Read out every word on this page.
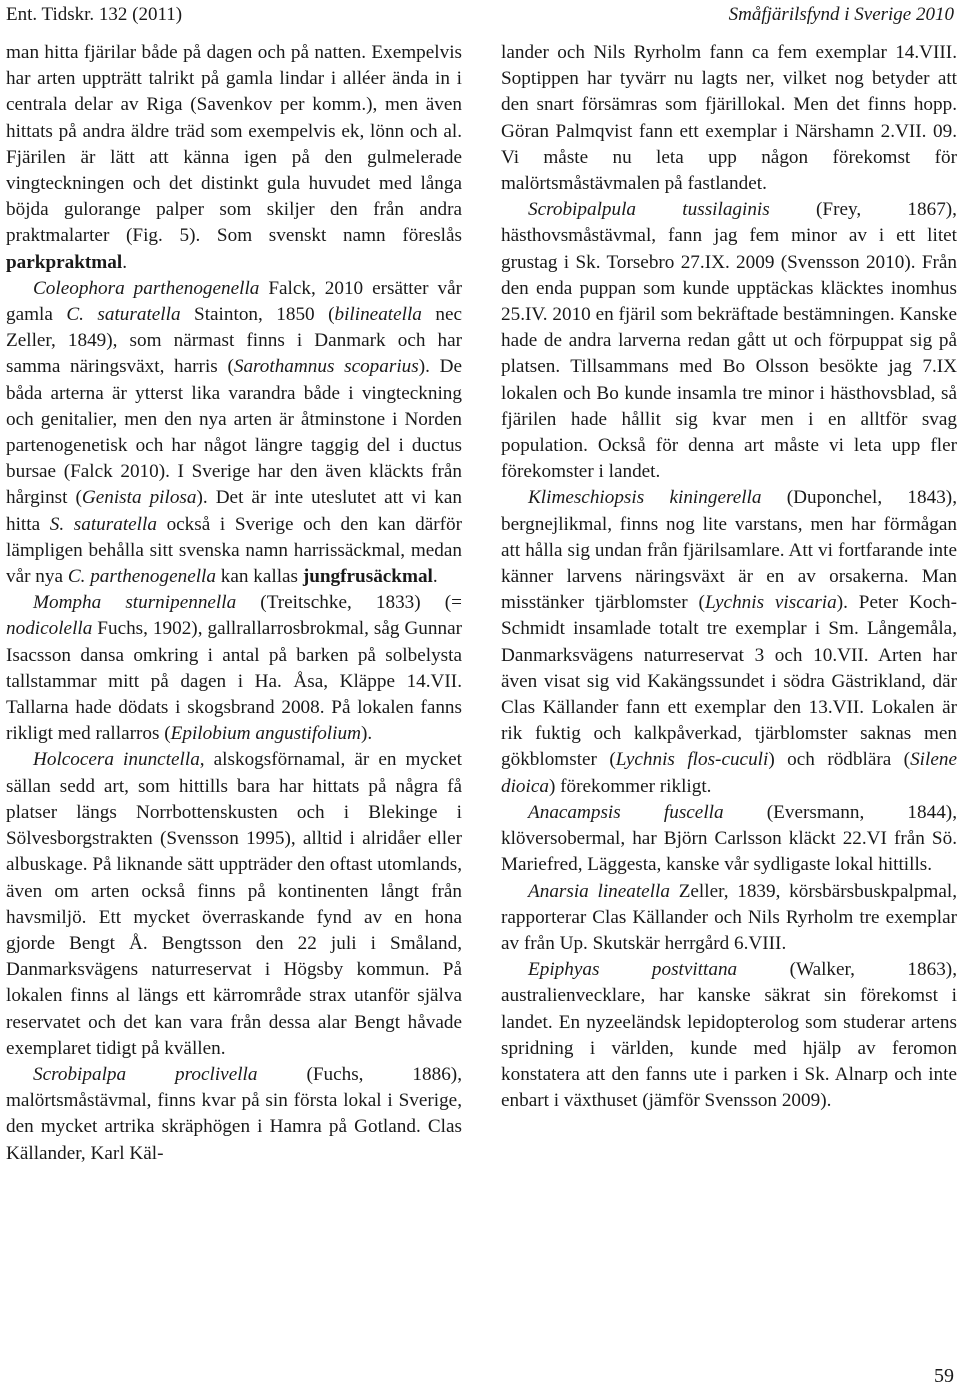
Ent. Tidskr. 132 (2011)	Småfjärilsfynd i Sverige 2010

man hitta fjärilar både på dagen och på natten. Exempelvis har arten uppträtt talrikt på gamla lindar i alléer ända in i centrala delar av Riga (Savenkov per komm.), men även hittats på andra äldre träd som exempelvis ek, lönn och al. Fjärilen är lätt att känna igen på den gulmelerade vingteckningen och det distinkt gula huvudet med långa böjda gulorange palper som skiljer den från andra praktmalarter (Fig. 5). Som svenskt namn föreslås parkpraktmal.

Coleophora parthenogenella Falck, 2010 ersätter vår gamla C. saturatella Stainton, 1850 (bilineatella nec Zeller, 1849), som närmast finns i Danmark och har samma näringsväxt, harris (Sarothamnus scoparius). De båda arterna är ytterst lika varandra både i vingteckning och genitalier, men den nya arten är åtminstone i Norden partenogenetisk och har något längre taggig del i ductus bursae (Falck 2010). I Sverige har den även kläckts från hårginst (Genista pilosa). Det är inte uteslutet att vi kan hitta S. saturatella också i Sverige och den kan därför lämpligen behålla sitt svenska namn harrissäckmal, medan vår nya C. parthenogenella kan kallas jungfrusäckmal.

Mompha sturnipennella (Treitschke, 1833) (= nodicolella Fuchs, 1902), gallrallarrosbrokmal, såg Gunnar Isacsson dansa omkring i antal på barken på solbelysta tallstammar mitt på dagen i Ha. Åsa, Kläppe 14.VII. Tallarna hade dödats i skogsbrand 2008. På lokalen fanns rikligt med rallarros (Epilobium angustifolium).

Holcocera inunctella, alskogsförnamal, är en mycket sällan sedd art, som hittills bara har hittats på några få platser längs Norrbottenskusten och i Blekinge i Sölvesborgstrakten (Svensson 1995), alltid i alridåer eller albuskage. På liknande sätt uppträder den oftast utomlands, även om arten också finns på kontinenten långt från havsmiljö. Ett mycket överraskande fynd av en hona gjorde Bengt Å. Bengtsson den 22 juli i Småland, Danmarksvägens naturreservat i Högsby kommun. På lokalen finns al längs ett kärrområde strax utanför själva reservatet och det kan vara från dessa alar Bengt håvade exemplaret tidigt på kvällen.

Scrobipalpa proclivella (Fuchs, 1886), malörtsmåstävmal, finns kvar på sin första lokal i Sverige, den mycket artrika skräphögen i Hamra på Gotland. Clas Källander, Karl Käl-

lander och Nils Ryrholm fann ca fem exemplar 14.VIII. Soptippen har tyvärr nu lagts ner, vilket nog betyder att den snart försämras som fjärillokal. Men det finns hopp. Göran Palmqvist fann ett exemplar i Närshamn 2.VII. 09. Vi måste nu leta upp någon förekomst för malörtsmåstävmalen på fastlandet.

Scrobipalpula tussilaginis (Frey, 1867), hästhovsmåstävmal, fann jag fem minor av i ett litet grustag i Sk. Torsebro 27.IX. 2009 (Svensson 2010). Från den enda puppan som kunde upptäckas kläcktes inomhus 25.IV. 2010 en fjäril som bekräftade bestämningen. Kanske hade de andra larverna redan gått ut och förpuppat sig på platsen. Tillsammans med Bo Olsson besökte jag 7.IX lokalen och Bo kunde insamla tre minor i hästhovsblad, så fjärilen hade hållit sig kvar men i en alltför svag population. Också för denna art måste vi leta upp fler förekomster i landet.

Klimeschiopsis kiningerella (Duponchel, 1843), bergnejlikmal, finns nog lite varstans, men har förmågan att hålla sig undan från fjärilsamlare. Att vi fortfarande inte känner larvens näringsväxt är en av orsakerna. Man misstänker tjärblomster (Lychnis viscaria). Peter Koch-Schmidt insamlade totalt tre exemplar i Sm. Långemåla, Danmarksvägens naturreservat 3 och 10.VII. Arten har även visat sig vid Kakängssundet i södra Gästrikland, där Clas Källander fann ett exemplar den 13.VII. Lokalen är rik fuktig och kalkpåverkad, tjärblomster saknas men gökblomster (Lychnis flos-cuculi) och rödblära (Silene dioica) förekommer rikligt.

Anacampsis fuscella (Eversmann, 1844), klöversobermal, har Björn Carlsson kläckt 22.VI från Sö. Mariefred, Läggesta, kanske vår sydligaste lokal hittills.

Anarsia lineatella Zeller, 1839, körsbärsbuskpalpmal, rapporterar Clas Källander och Nils Ryrholm tre exemplar av från Up. Skutskär herrgård 6.VIII.

Epiphyas postvittana (Walker, 1863), australienvecklare, har kanske säkrat sin förekomst i landet. En nyzeeländsk lepidopterolog som studerar artens spridning i världen, kunde med hjälp av feromon konstatera att den fanns ute i parken i Sk. Alnarp och inte enbart i växthuset (jämför Svensson 2009).

59
